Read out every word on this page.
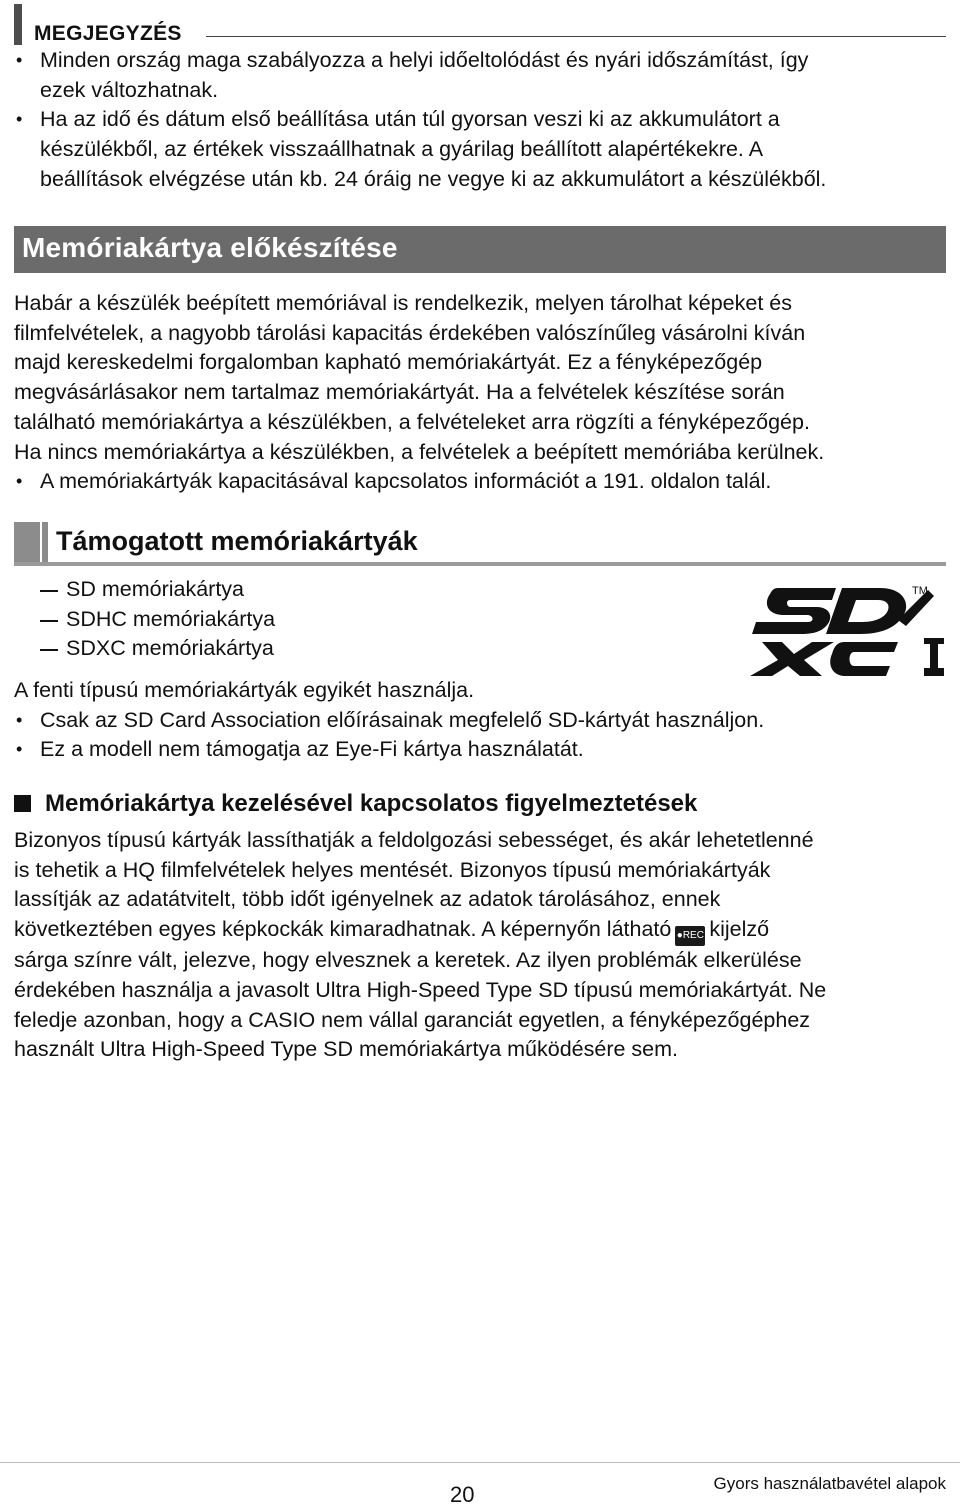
MEGJEGYZÉS
• Minden ország maga szabályozza a helyi időeltolódást és nyári időszámítást, így
ezek változhatnak.
• Ha az idő és dátum első beállítása után túl gyorsan veszi ki az akkumulátort a
készülékből, az értékek visszaállhatnak a gyárilag beállított alapértékekre. A
beállítások elvégzése után kb. 24 óráig ne vegye ki az akkumulátort a készülékből.
Memóriakártya előkészítése
Habár a készülék beépített memóriával is rendelkezik, melyen tárolhat képeket és
filmfelvételek, a nagyobb tárolási kapacitás érdekében valószínűleg vásárolni kíván
majd kereskedelmi forgalomban kapható memóriakártyát. Ez a fényképezőgép
megvásárlásakor nem tartalmaz memóriakártyát. Ha a felvételek készítése során
található memóriakártya a készülékben, a felvételeket arra rögzíti a fényképezőgép.
Ha nincs memóriakártya a készülékben, a felvételek a beépített memóriába kerülnek.
• A memóriakártyák kapacitásával kapcsolatos információt a 191. oldalon talál.
Támogatott memóriakártyák
SD memóriakártya
SDHC memóriakártya
SDXC memóriakártya
TM
A fenti típusú memóriakártyák egyikét használja.
• Csak az SD Card Association előírásainak megfelelő SD-kártyát használjon.
• Ez a modell nem támogatja az Eye-Fi kártya használatát.
Memóriakártya kezelésével kapcsolatos figyelmeztetések
Bizonyos típusú kártyák lassíthatják a feldolgozási sebességet, és akár lehetetlenné
is tehetik a HQ filmfelvételek helyes mentését. Bizonyos típusú memóriakártyák
lassítják az adatátvitelt, több időt igényelnek az adatok tárolásához, ennek
következtében egyes képkockák kimaradhatnak. A képernyőn látható ●REC kijelző
sárga színre vált, jelezve, hogy elvesznek a keretek. Az ilyen problémák elkerülése
érdekében használja a javasolt Ultra High-Speed Type SD típusú memóriakártyát. Ne
feledje azonban, hogy a CASIO nem vállal garanciát egyetlen, a fényképezőgéphez
használt Ultra High-Speed Type SD memóriakártya működésére sem.
20	Gyors használatbavétel alapok
